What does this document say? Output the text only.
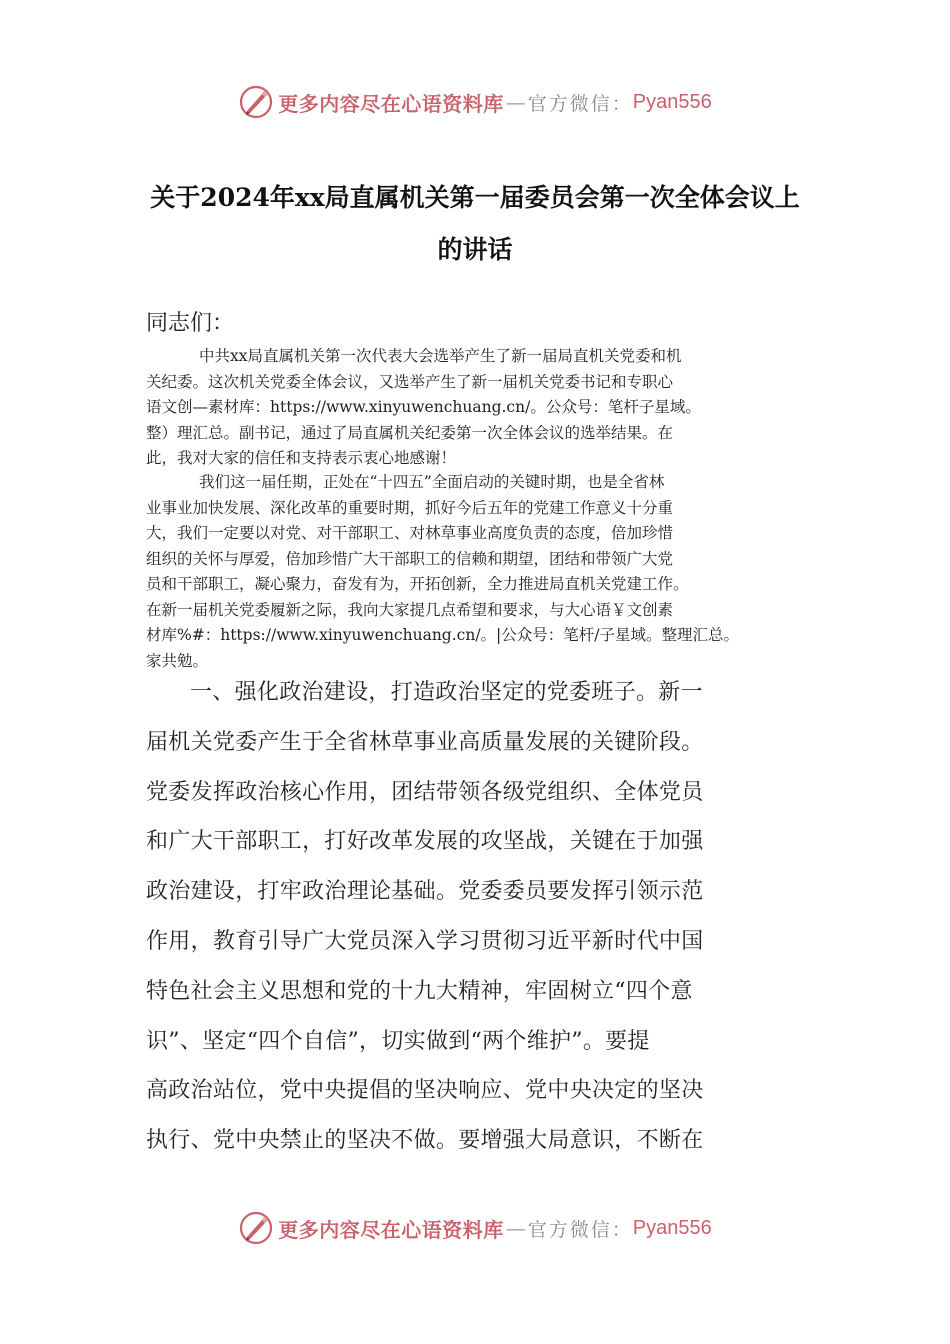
更多内容尽在心语资料库 — 官方微信： Pyan556
关于2024年xx局直属机关第一届委员会第一次全体会议上
的讲话
同志们：
中共xx局直属机关第一次代表大会选举产生了新一届局直机关党委和机
关纪委。这次机关党委全体会议，又选举产生了新一届机关党委书记和专职心
语文创—素材库：https://www.xinyuwenchuang.cn/。公众号：笔杆子星域。
整）理汇总。副书记，通过了局直属机关纪委第一次全体会议的选举结果。在
此，我对大家的信任和支持表示衷心地感谢！
我们这一届任期，正处在“十四五”全面启动的关键时期，也是全省林
业事业加快发展、深化改革的重要时期，抓好今后五年的党建工作意义十分重
大，我们一定要以对党、对干部职工、对林草事业高度负责的态度，倍加珍惜
组织的关怀与厚爱，倍加珍惜广大干部职工的信赖和期望，团结和带领广大党
员和干部职工，凝心聚力，奋发有为，开拓创新，全力推进局直机关党建工作。
在新一届机关党委履新之际，我向大家提几点希望和要求，与大心语￥文创素
材库%#：https://www.xinyuwenchuang.cn/。|公众号：笔杆/子星域。整理汇总。
家共勉。
一、强化政治建设，打造政治坚定的党委班子。新一
届机关党委产生于全省林草事业高质量发展的关键阶段。
党委发挥政治核心作用，团结带领各级党组织、全体党员
和广大干部职工，打好改革发展的攻坚战，关键在于加强
政治建设，打牢政治理论基础。党委委员要发挥引领示范
作用，教育引导广大党员深入学习贯彻习近平新时代中国
特色社会主义思想和党的十九大精神，牢固树立“四个意
识”、坚定“四个自信”，切实做到“两个维护”。要提
高政治站位，党中央提倡的坚决响应、党中央决定的坚决
执行、党中央禁止的坚决不做。要增强大局意识，不断在
更多内容尽在心语资料库 — 官方微信： Pyan556
